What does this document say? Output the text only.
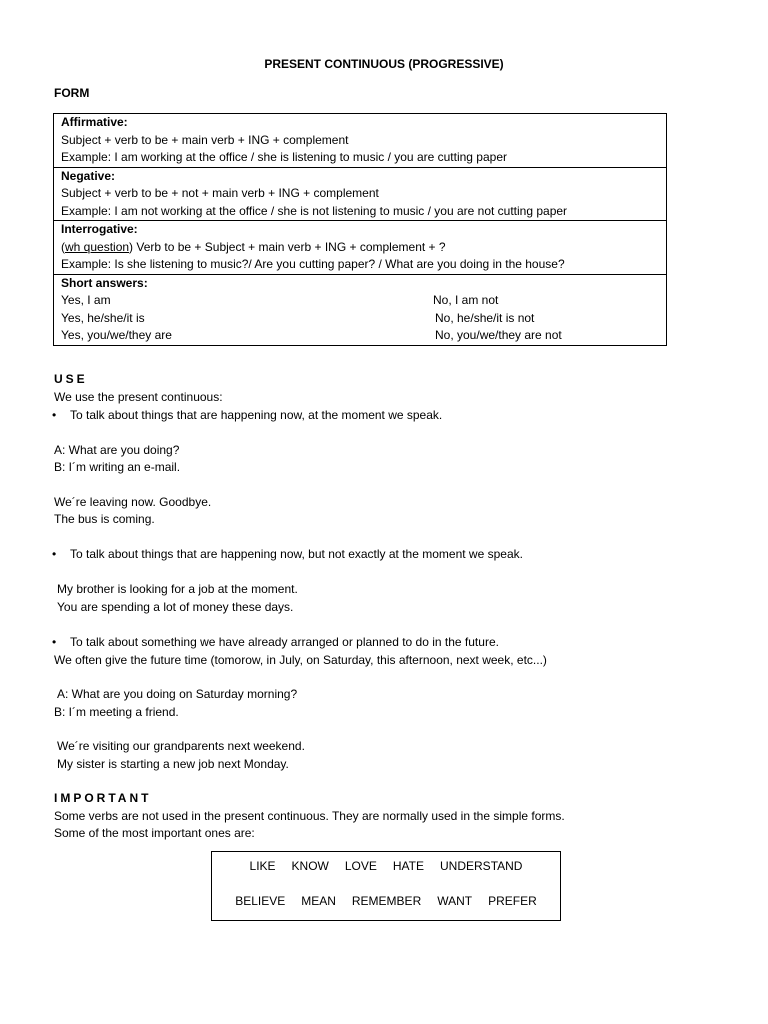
PRESENT CONTINUOUS (PROGRESSIVE)
FORM
Affirmative:
Subject + verb to be + main verb + ING + complement
Example: I am working at the office / she is listening to music / you are cutting paper
Negative:
Subject + verb to be + not + main verb + ING + complement
Example: I am not working at the office / she is not listening to music / you are not cutting paper
Interrogative:
(wh question) Verb to be + Subject + main verb + ING + complement + ?
Example: Is she listening to music?/ Are you cutting paper? / What are you doing in the house?
Short answers:
Yes, I am	No, I am not
Yes, he/she/it is	No, he/she/it is not
Yes, you/we/they are	No, you/we/they are not
USE
We use the present continuous:
•	To talk about things that are happening now, at the moment we speak.
A: What are you doing?
B: I´m writing an e-mail.
We´re leaving now. Goodbye.
The bus is coming.
•	To talk about things that are happening now, but not exactly at the moment we speak.
My brother is looking for a job at the moment.
You are spending a lot of money these days.
•	To talk about something we have already arranged or planned to do in the future.
We often give the future time (tomorow, in July, on Saturday, this afternoon, next week, etc...)
A: What are you doing on Saturday morning?
B: I´m meeting a friend.
We´re visiting our grandparents next weekend.
My sister is starting a new job next Monday.
IMPORTANT
Some verbs are not used in the present continuous. They are normally used in the simple forms.
Some of the most important ones are:
LIKE KNOW LOVE HATE UNDERSTAND
BELIEVE MEAN REMEMBER WANT PREFER
